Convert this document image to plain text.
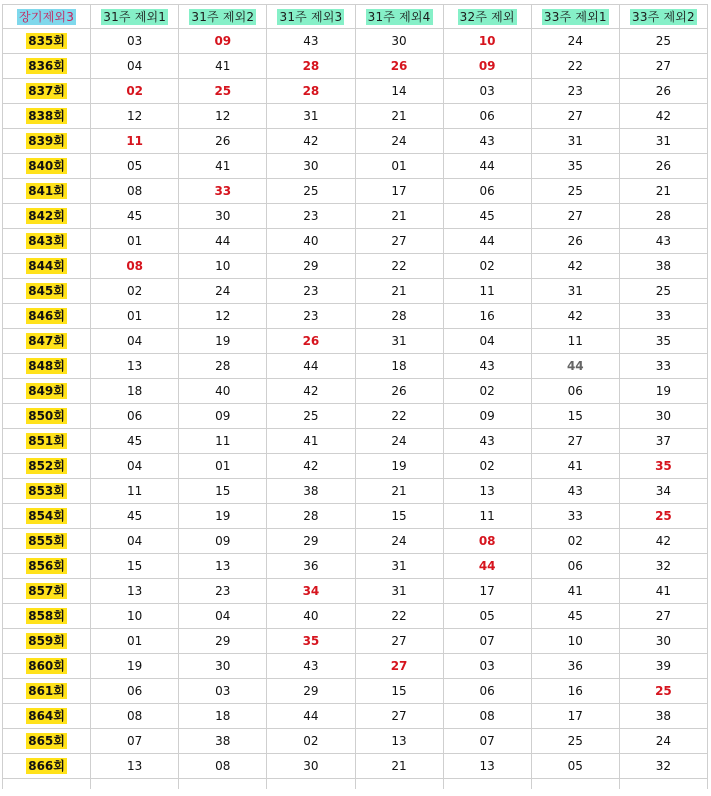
장기제외3	31주 제외1	31주 제외2	31주 제외3	31주 제외4	32주 제외	33주 제외1	33주 제외2
835회	03	09	43	30	10	24	25
836회	04	41	28	26	09	22	27
837회	02	25	28	14	03	23	26
838회	12	12	31	21	06	27	42
839회	11	26	42	24	43	31	31
840회	05	41	30	01	44	35	26
841회	08	33	25	17	06	25	21
842회	45	30	23	21	45	27	28
843회	01	44	40	27	44	26	43
844회	08	10	29	22	02	42	38
845회	02	24	23	21	11	31	25
846회	01	12	23	28	16	42	33
847회	04	19	26	31	04	11	35
848회	13	28	44	18	43	44	33
849회	18	40	42	26	02	06	19
850회	06	09	25	22	09	15	30
851회	45	11	41	24	43	27	37
852회	04	01	42	19	02	41	35
853회	11	15	38	21	13	43	34
854회	45	19	28	15	11	33	25
855회	04	09	29	24	08	02	42
856회	15	13	36	31	44	06	32
857회	13	23	34	31	17	41	41
858회	10	04	40	22	05	45	27
859회	01	29	35	27	07	10	30
860회	19	30	43	27	03	36	39
861회	06	03	29	15	06	16	25
864회	08	18	44	27	08	17	38
865회	07	38	02	13	07	25	24
866회	13	08	30	21	13	05	32
